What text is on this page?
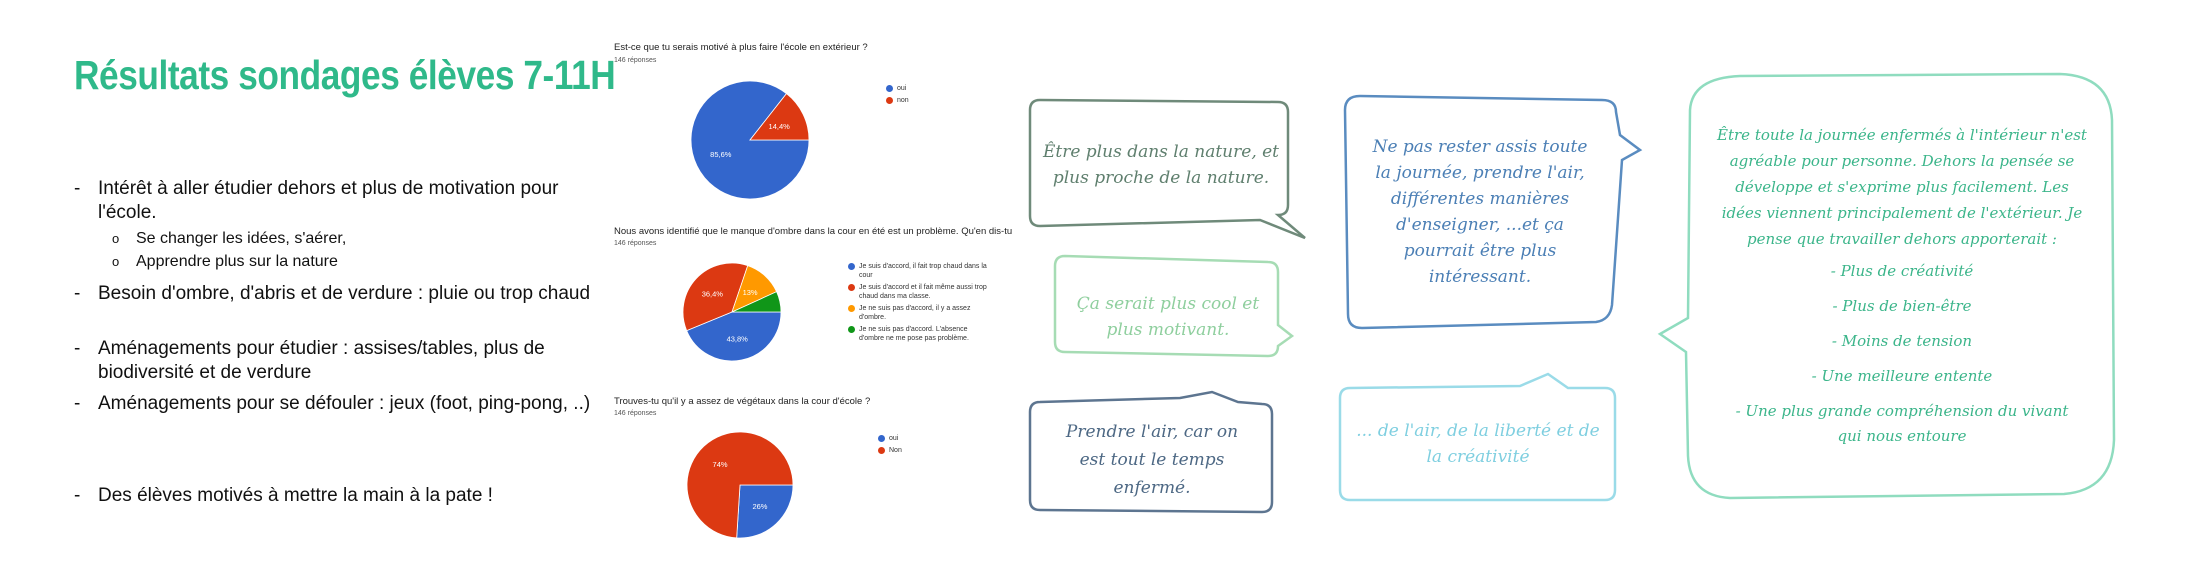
Résultats sondages élèves 7-11H
- Intérêt à aller étudier dehors et plus de motivation pour l'école.
o Se changer les idées, s'aérer,
o Apprendre plus sur la nature
- Besoin d'ombre, d'abris et de verdure : pluie ou trop chaud
- Aménagements pour étudier : assises/tables, plus de biodiversité et de verdure
- Aménagements pour se défouler : jeux (foot, ping-pong, ..)
- Des élèves motivés à mettre la main à la pate !
Est-ce que tu serais motivé à plus faire l'école en extérieur ?
146 réponses
85,6%
14,4%
oui
non
Nous avons identifié que le manque d'ombre dans la cour en été est un problème. Qu'en dis-tu
146 réponses
43,8%
36,4%	13%
Je suis d'accord, il fait trop chaud dans la cour
Je suis d'accord et il fait même aussi trop chaud dans ma classe.
Je ne suis pas d'accord, il y a assez d'ombre.
Je ne suis pas d'accord. L'absence d'ombre ne me pose pas problème.
Trouves-tu qu'il y a assez de végétaux dans la cour d'école ?
146 réponses
26%
74%
oui
Non
Être plus dans la nature, et
plus proche de la nature.
Ça serait plus cool et
plus motivant.
Prendre l'air, car on
est tout le temps
enfermé.
Ne pas rester assis toute
la journée, prendre l'air,
différentes manières
d'enseigner, ...et ça
pourrait être plus
intéressant.
... de l'air, de la liberté et de
la créativité
Être toute la journée enfermés à l'intérieur n'est
agréable pour personne. Dehors la pensée se
développe et s'exprime plus facilement. Les
idées viennent principalement de l'extérieur. Je
pense que travailler dehors apporterait :
- Plus de créativité
- Plus de bien-être
- Moins de tension
- Une meilleure entente
- Une plus grande compréhension du vivant
qui nous entoure
